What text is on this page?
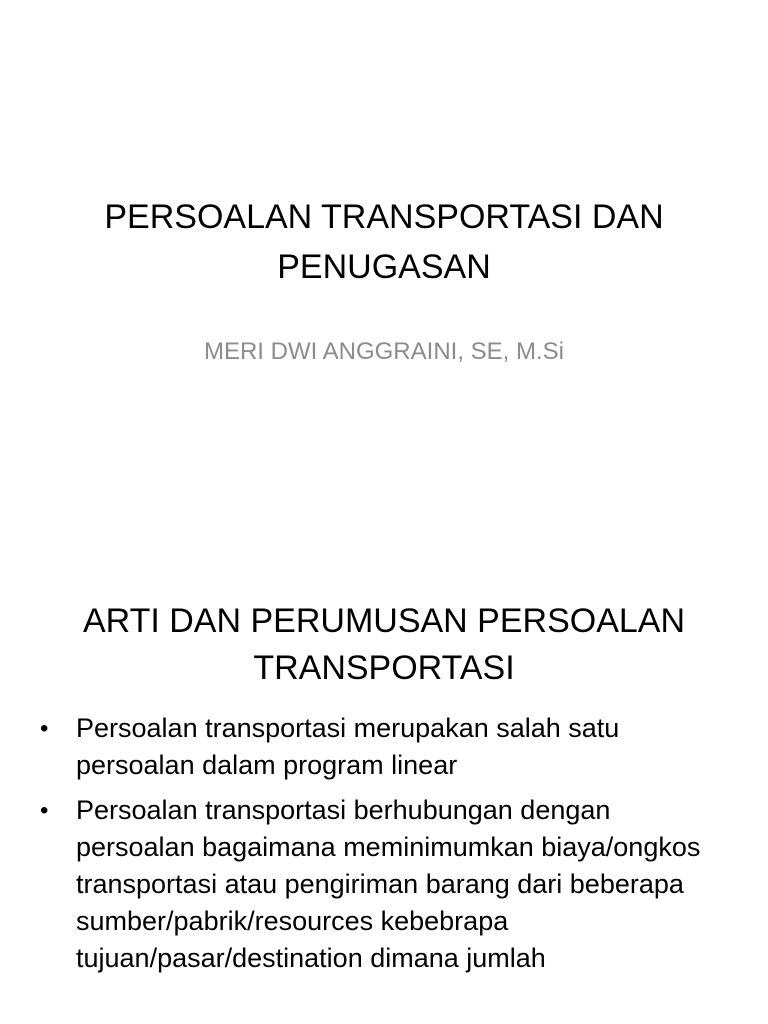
PERSOALAN TRANSPORTASI DAN PENUGASAN

MERI DWI ANGGRAINI, SE, M.Si

ARTI DAN PERUMUSAN PERSOALAN TRANSPORTASI
• Persoalan transportasi merupakan salah satu persoalan dalam program linear
• Persoalan transportasi berhubungan dengan persoalan bagaimana meminimumkan biaya/ongkos transportasi atau pengiriman barang dari beberapa sumber/pabrik/resources kebebrapa tujuan/pasar/destination dimana jumlah
